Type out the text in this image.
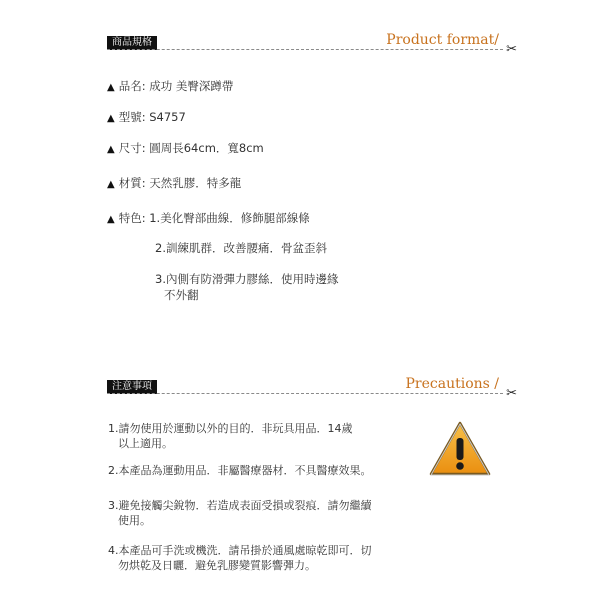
商品規格	Product format/
✂
▲ 品名: 成功 美臀深蹲帶
▲ 型號: S4757
▲ 尺寸: 圓周長64cm．寬8cm
▲ 材質: 天然乳膠．特多龍
▲ 特色: 1.美化臀部曲線．修飾腿部線條
2.訓練肌群．改善腰痛．骨盆歪斜
3.內側有防滑彈力膠絲．使用時邊緣
不外翻
注意事項	Precautions /
✂
1.請勿使用於運動以外的目的．非玩具用品．14歲
以上適用。
2.本產品為運動用品．非屬醫療器材．不具醫療效果。
3.避免接觸尖銳物．若造成表面受損或裂痕．請勿繼續
使用。
4.本產品可手洗或機洗．請吊掛於通風處晾乾即可．切
勿烘乾及日曬．避免乳膠變質影響彈力。
